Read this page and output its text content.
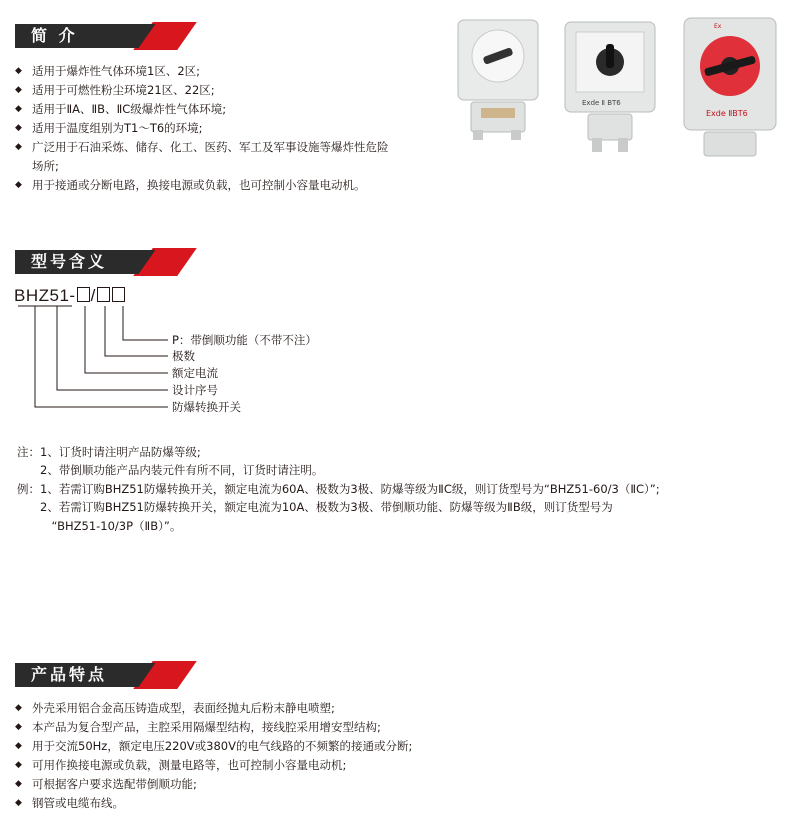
简 介
◆ 适用于爆炸性气体环境1区、2区;
◆ 适用于可燃性粉尘环境21区、22区;
◆ 适用于ⅡA、ⅡB、ⅡC级爆炸性气体环境;
◆ 适用于温度组别为T1～T6的环境;
◆ 广泛用于石油采炼、储存、化工、医药、军工及军事设施等爆炸性危险场所;
◆ 用于接通或分断电路，换接电源或负载，也可控制小容量电动机。
Exde Ⅱ BT6
Ex
Exde ⅡBT6
型号含义
BHZ51- /
P：带倒顺功能（不带不注）
极数
额定电流
设计序号
防爆转换开关
注：1、订货时请注明产品防爆等级;
　　2、带倒顺功能产品内装元件有所不同，订货时请注明。
例：1、若需订购BHZ51防爆转换开关，额定电流为60A、极数为3极、防爆等级为ⅡC级，则订货型号为“BHZ51-60/3（ⅡC）”;
　　2、若需订购BHZ51防爆转换开关，额定电流为10A、极数为3极、带倒顺功能、防爆等级为ⅡB级，则订货型号为
　　　“BHZ51-10/3P（ⅡB）”。
产品特点
◆ 外壳采用铝合金高压铸造成型，表面经抛丸后粉末静电喷塑;
◆ 本产品为复合型产品，主腔采用隔爆型结构，接线腔采用增安型结构;
◆ 用于交流50Hz，额定电压220V或380V的电气线路的不频繁的接通或分断;
◆ 可用作换接电源或负载，测量电路等，也可控制小容量电动机;
◆ 可根据客户要求选配带倒顺功能;
◆ 钢管或电缆布线。
